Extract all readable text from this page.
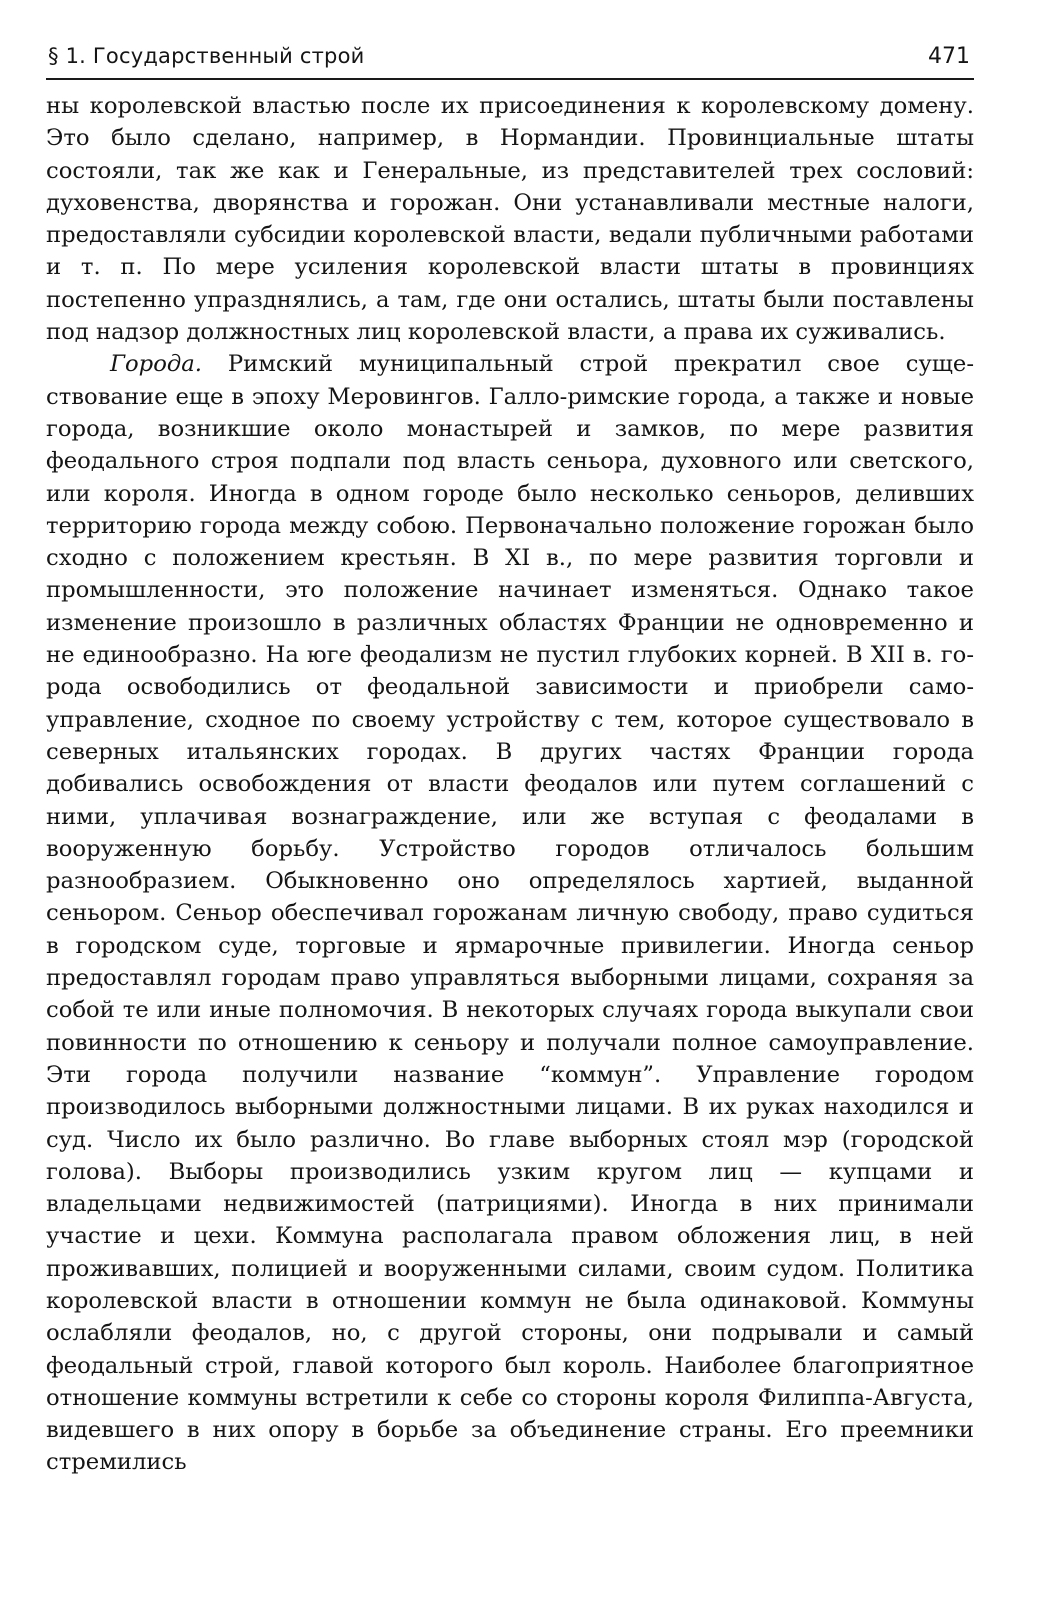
§ 1. Государственный строй	471

ны королевской властью после их присоединения к королевскому домену. Это было сделано, например, в Нормандии. Провинциальные штаты состояли, так же как и Генеральные, из представителей трех сословий: духовенства, дворянства и горожан. Они устанавливали местные налоги, предоставляли субсидии королевской власти, ведали публичными работами и т. п. По мере усиления королевской власти штаты в провинциях постепенно упразднялись, а там, где они остались, штаты были поставлены под надзор должностных лиц королевской власти, а права их суживались.

Города. Римский муниципальный строй прекратил свое существование еще в эпоху Меровингов. Галло-римские города, а также и новые города, возникшие около монастырей и замков, по мере развития феодального строя подпали под власть сеньора, духовного или светского, или короля. Иногда в одном городе было несколько сеньоров, деливших территорию города между собою. Первоначально положение горожан было сходно с положением крестьян. В XI в., по мере развития торговли и промышленности, это положение начинает изменяться. Однако такое изменение произошло в различных областях Франции не одновременно и не единообразно. На юге феодализм не пустил глубоких корней. В XII в. города освободились от феодальной зависимости и приобрели самоуправление, сходное по своему устройству с тем, которое существовало в северных итальянских городах. В других частях Франции города добивались освобождения от власти феодалов или путем соглашений с ними, уплачивая вознаграждение, или же вступая с феодалами в вооруженную борьбу. Устройство городов отличалось большим разнообразием. Обыкновенно оно определялось хартией, выданной сеньором. Сеньор обеспечивал горожанам личную свободу, право судиться в городском суде, торговые и ярмарочные привилегии. Иногда сеньор предоставлял городам право управляться выборными лицами, сохраняя за собой те или иные полномочия. В некоторых случаях города выкупали свои повинности по отношению к сеньору и получали полное самоуправление. Эти города получили название “коммун”. Управление городом производилось выборными должностными лицами. В их руках находился и суд. Число их было различно. Во главе выборных стоял мэр (городской голова). Выборы производились узким кругом лиц — купцами и владельцами недвижимостей (патрициями). Иногда в них принимали участие и цехи. Коммуна располагала правом обложения лиц, в ней проживавших, полицией и вооруженными силами, своим судом. Политика королевской власти в отношении коммун не была одинаковой. Коммуны ослабляли феодалов, но, с другой стороны, они подрывали и самый феодальный строй, главой которого был король. Наиболее благоприятное отношение коммуны встретили к себе со стороны короля Филиппа-Августа, видевшего в них опору в борьбе за объединение страны. Его преемники стремились
